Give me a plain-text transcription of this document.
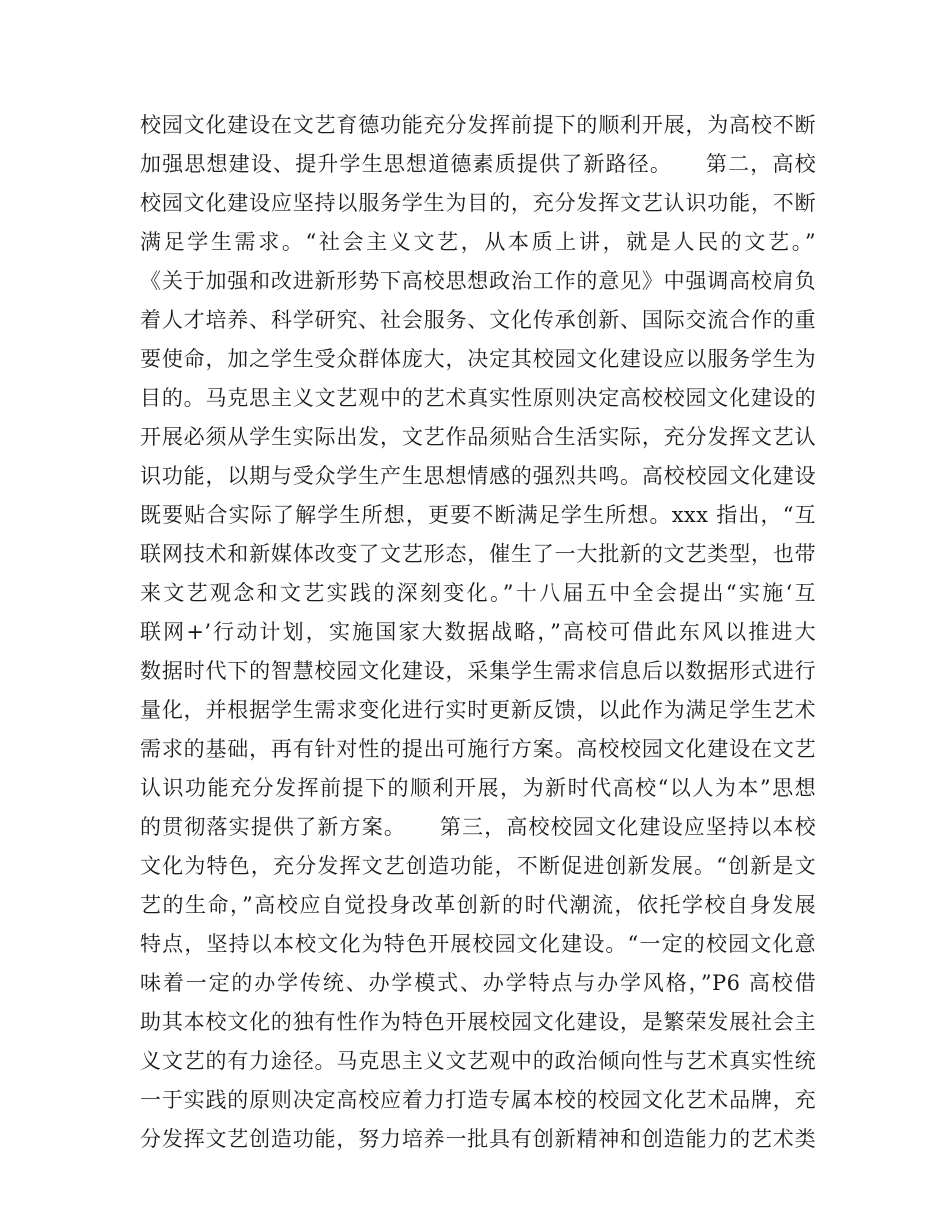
校园文化建设在文艺育德功能充分发挥前提下的顺利开展，为高校不断
加强思想建设、提升学生思想道德素质提供了新路径。　　第二，高校
校园文化建设应坚持以服务学生为目的，充分发挥文艺认识功能，不断
满足学生需求。“社会主义文艺，从本质上讲，就是人民的文艺。”
《关于加强和改进新形势下高校思想政治工作的意见》中强调高校肩负
着人才培养、科学研究、社会服务、文化传承创新、国际交流合作的重
要使命，加之学生受众群体庞大，决定其校园文化建设应以服务学生为
目的。马克思主义文艺观中的艺术真实性原则决定高校校园文化建设的
开展必须从学生实际出发，文艺作品须贴合生活实际，充分发挥文艺认
识功能，以期与受众学生产生思想情感的强烈共鸣。高校校园文化建设
既要贴合实际了解学生所想，更要不断满足学生所想。xxx 指出，“互
联网技术和新媒体改变了文艺形态，催生了一大批新的文艺类型，也带
来文艺观念和文艺实践的深刻变化。”十八届五中全会提出“实施‘互
联网+’行动计划，实施国家大数据战略，”高校可借此东风以推进大
数据时代下的智慧校园文化建设，采集学生需求信息后以数据形式进行
量化，并根据学生需求变化进行实时更新反馈，以此作为满足学生艺术
需求的基础，再有针对性的提出可施行方案。高校校园文化建设在文艺
认识功能充分发挥前提下的顺利开展，为新时代高校“以人为本”思想
的贯彻落实提供了新方案。　　第三，高校校园文化建设应坚持以本校
文化为特色，充分发挥文艺创造功能，不断促进创新发展。“创新是文
艺的生命，”高校应自觉投身改革创新的时代潮流，依托学校自身发展
特点，坚持以本校文化为特色开展校园文化建设。“一定的校园文化意
味着一定的办学传统、办学模式、办学特点与办学风格，”P6 高校借
助其本校文化的独有性作为特色开展校园文化建设，是繁荣发展社会主
义文艺的有力途径。马克思主义文艺观中的政治倾向性与艺术真实性统
一于实践的原则决定高校应着力打造专属本校的校园文化艺术品牌，充
分发挥文艺创造功能，努力培养一批具有创新精神和创造能力的艺术类
